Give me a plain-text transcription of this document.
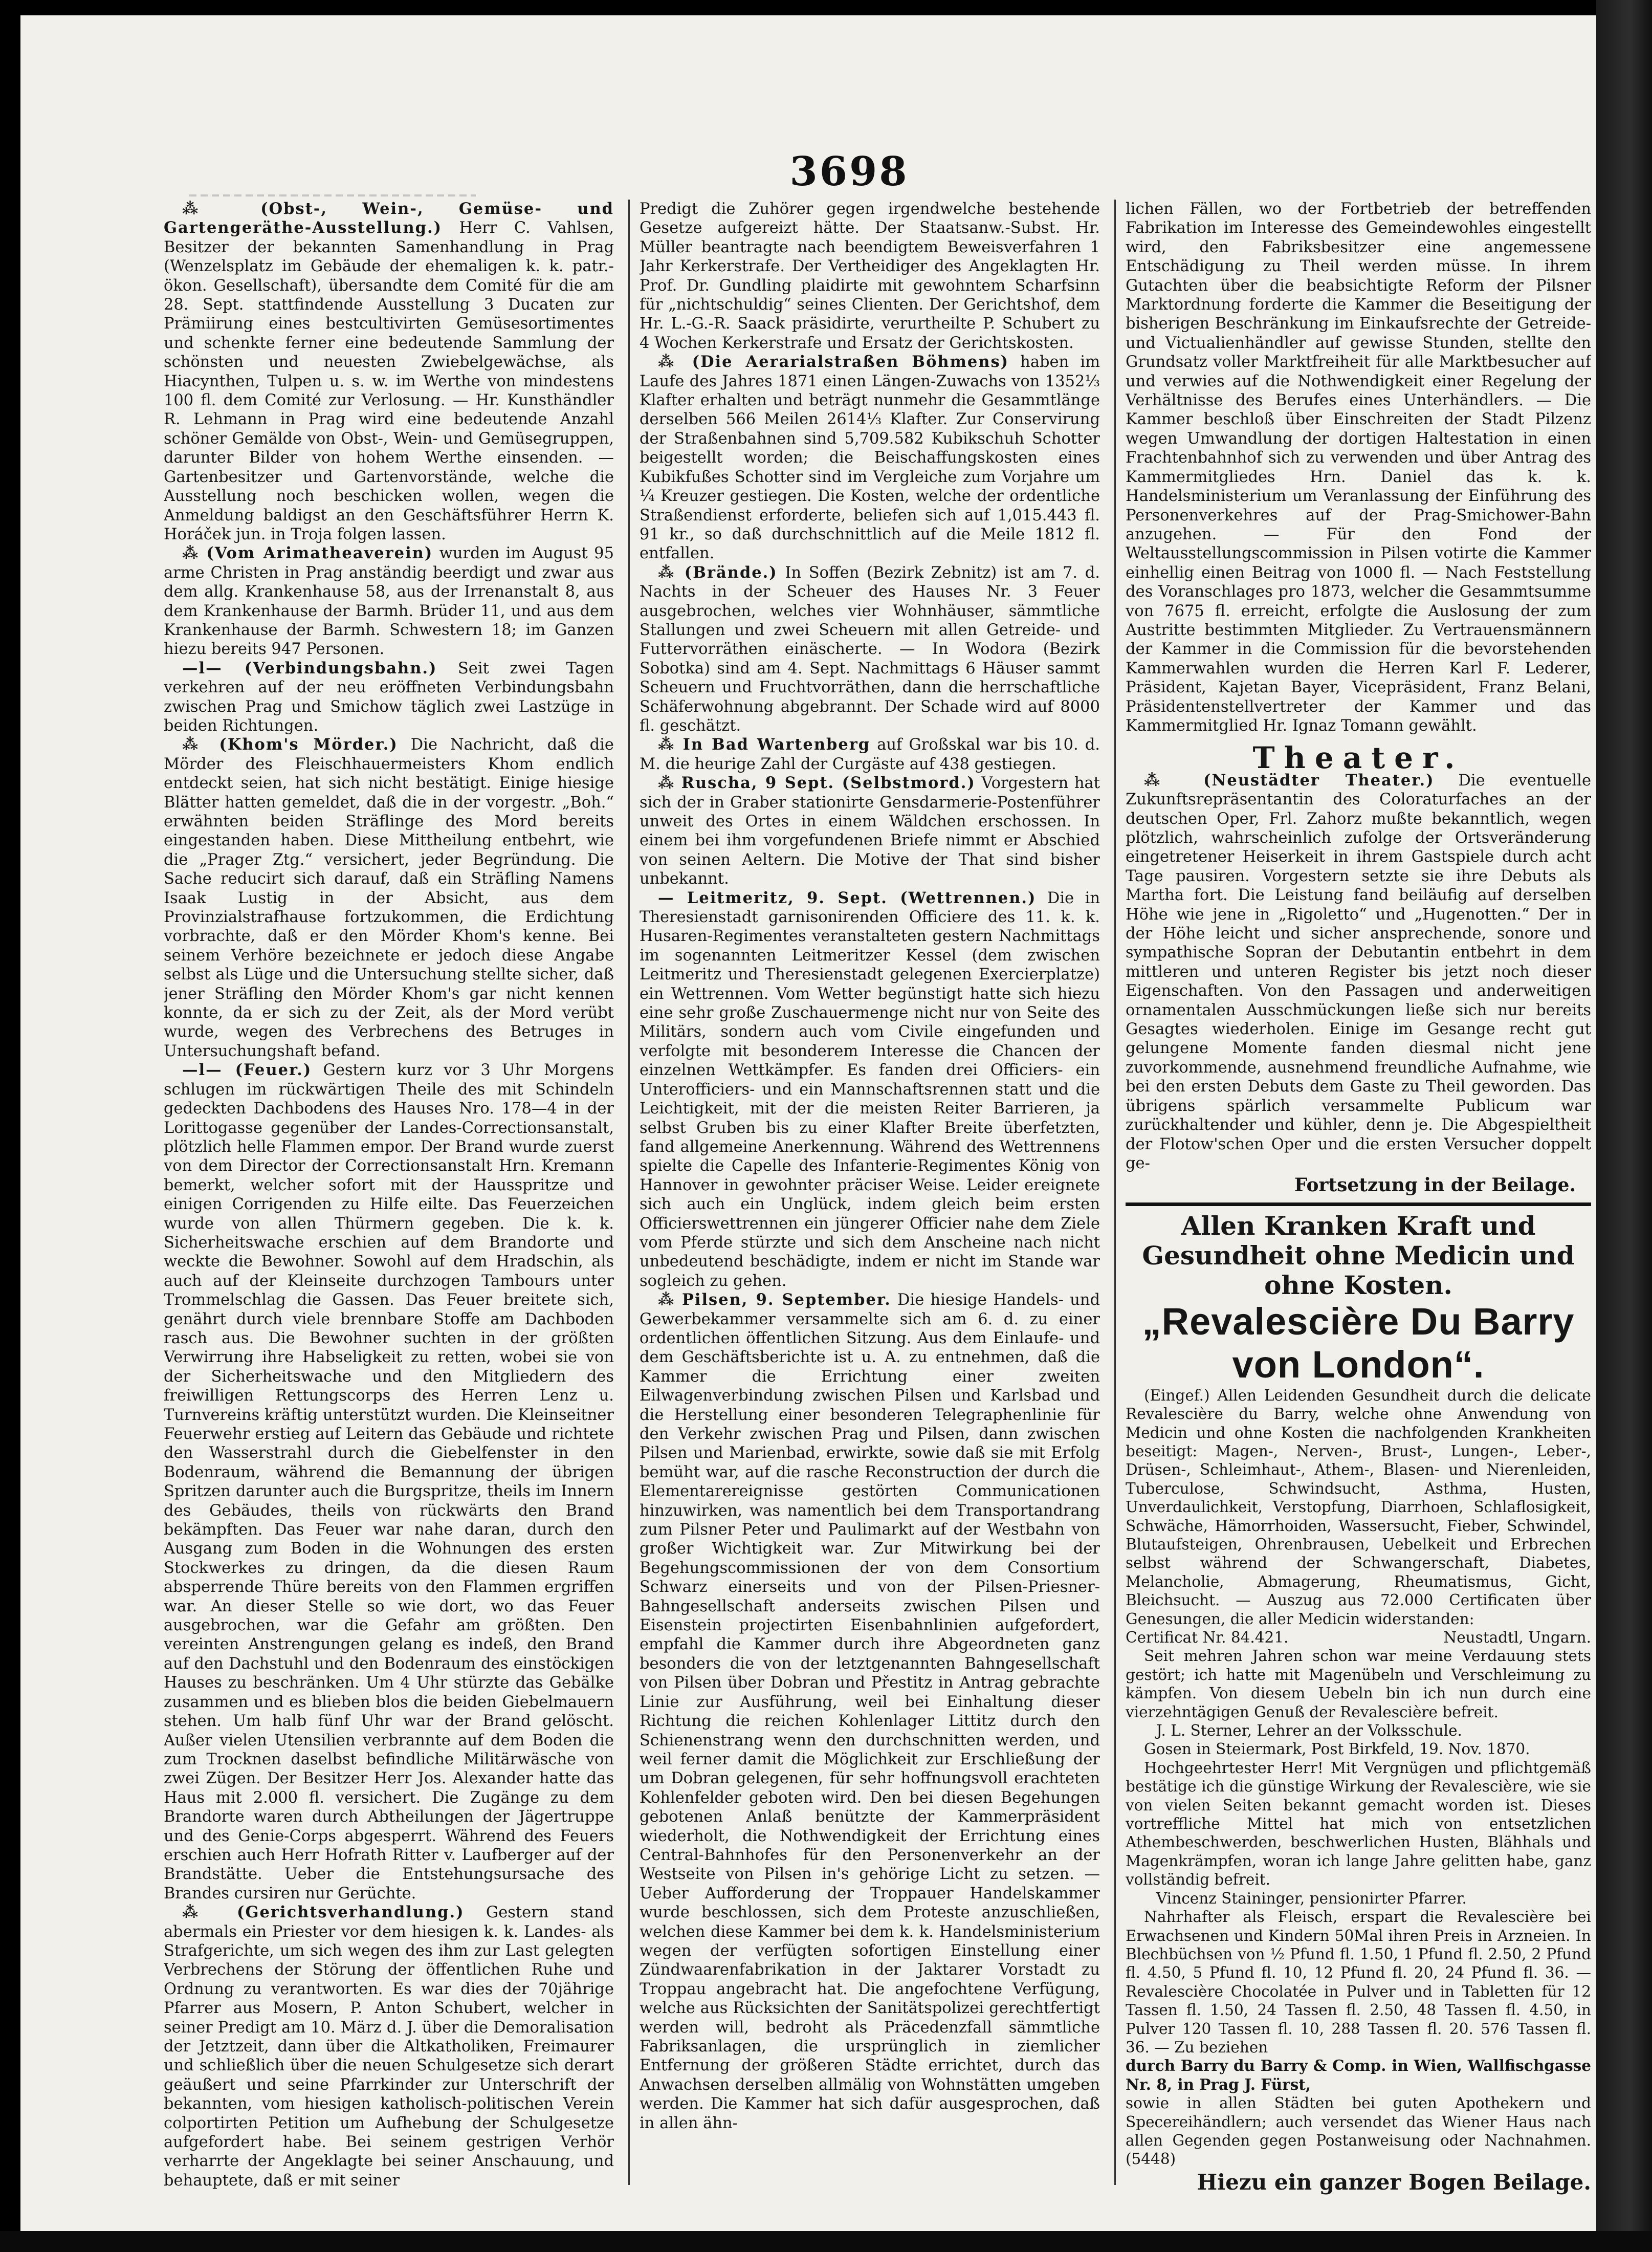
3698

⁂ (Obst-, Wein-, Gemüse- und Gartengeräthe-Ausstellung.) Herr C. Vahlsen, Besitzer der bekannten Samenhandlung in Prag (Wenzelsplatz im Gebäude der ehemaligen k. k. patr.-ökon. Gesellschaft), übersandte dem Comité für die am 28. Sept. stattfindende Ausstellung 3 Ducaten zur Prämiirung eines bestcultivirten Gemüsesortimentes und schenkte ferner eine bedeutende Sammlung der schönsten und neuesten Zwiebelgewächse, als Hiacynthen, Tulpen u. s. w. im Werthe von mindestens 100 fl. dem Comité zur Verlosung. — Hr. Kunsthändler R. Lehmann in Prag wird eine bedeutende Anzahl schöner Gemälde von Obst-, Wein- und Gemüsegruppen, darunter Bilder von hohem Werthe einsenden. — Gartenbesitzer und Gartenvorstände, welche die Ausstellung noch beschicken wollen, wegen die Anmeldung baldigst an den Geschäftsführer Herrn K. Horáček jun. in Troja folgen lassen.

⁂ (Vom Arimatheaverein) wurden im August 95 arme Christen in Prag anständig beerdigt und zwar aus dem allg. Krankenhause 58, aus der Irrenanstalt 8, aus dem Krankenhause der Barmh. Brüder 11, und aus dem Krankenhause der Barmh. Schwestern 18; im Ganzen hiezu bereits 947 Personen.

—l— (Verbindungsbahn.) Seit zwei Tagen verkehren auf der neu eröffneten Verbindungsbahn zwischen Prag und Smichow täglich zwei Lastzüge in beiden Richtungen.

⁂ (Khom's Mörder.) Die Nachricht, daß die Mörder des Fleischhauermeisters Khom endlich entdeckt seien, hat sich nicht bestätigt. Einige hiesige Blätter hatten gemeldet, daß die in der vorgestr. „Boh.“ erwähnten beiden Sträflinge des Mord bereits eingestanden haben. Diese Mittheilung entbehrt, wie die „Prager Ztg.“ versichert, jeder Begründung. Die Sache reducirt sich darauf, daß ein Sträfling Namens Isaak Lustig in der Absicht, aus dem Provinzialstrafhause fortzukommen, die Erdichtung vorbrachte, daß er den Mörder Khom's kenne. Bei seinem Verhöre bezeichnete er jedoch diese Angabe selbst als Lüge und die Untersuchung stellte sicher, daß jener Sträfling den Mörder Khom's gar nicht kennen konnte, da er sich zu der Zeit, als der Mord verübt wurde, wegen des Verbrechens des Betruges in Untersuchungshaft befand.

—l— (Feuer.) Gestern kurz vor 3 Uhr Morgens schlugen im rückwärtigen Theile des mit Schindeln gedeckten Dachbodens des Hauses Nro. 178—4 in der Lorittogasse gegenüber der Landes-Correctionsanstalt, plötzlich helle Flammen empor. Der Brand wurde zuerst von dem Director der Correctionsanstalt Hrn. Kremann bemerkt, welcher sofort mit der Hausspritze und einigen Corrigenden zu Hilfe eilte. Das Feuerzeichen wurde von allen Thürmern gegeben. Die k. k. Sicherheitswache erschien auf dem Brandorte und weckte die Bewohner. Sowohl auf dem Hradschin, als auch auf der Kleinseite durchzogen Tambours unter Trommelschlag die Gassen. Das Feuer breitete sich, genährt durch viele brennbare Stoffe am Dachboden rasch aus. Die Bewohner suchten in der größten Verwirrung ihre Habseligkeit zu retten, wobei sie von der Sicherheitswache und den Mitgliedern des freiwilligen Rettungscorps des Herren Lenz u. Turnvereins kräftig unterstützt wurden. Die Kleinseitner Feuerwehr erstieg auf Leitern das Gebäude und richtete den Wasserstrahl durch die Giebelfenster in den Bodenraum, während die Bemannung der übrigen Spritzen darunter auch die Burgspritze, theils im Innern des Gebäudes, theils von rückwärts den Brand bekämpften. Das Feuer war nahe daran, durch den Ausgang zum Boden in die Wohnungen des ersten Stockwerkes zu dringen, da die diesen Raum absperrende Thüre bereits von den Flammen ergriffen war. An dieser Stelle so wie dort, wo das Feuer ausgebrochen, war die Gefahr am größten. Den vereinten Anstrengungen gelang es indeß, den Brand auf den Dachstuhl und den Bodenraum des einstöckigen Hauses zu beschränken. Um 4 Uhr stürzte das Gebälke zusammen und es blieben blos die beiden Giebelmauern stehen. Um halb fünf Uhr war der Brand gelöscht. Außer vielen Utensilien verbrannte auf dem Boden die zum Trocknen daselbst befindliche Militärwäsche von zwei Zügen. Der Besitzer Herr Jos. Alexander hatte das Haus mit 2.000 fl. versichert. Die Zugänge zu dem Brandorte waren durch Abtheilungen der Jägertruppe und des Genie-Corps abgesperrt. Während des Feuers erschien auch Herr Hofrath Ritter v. Laufberger auf der Brandstätte. Ueber die Entstehungsursache des Brandes cursiren nur Gerüchte.

⁂ (Gerichtsverhandlung.) Gestern stand abermals ein Priester vor dem hiesigen k. k. Landes- als Strafgerichte, um sich wegen des ihm zur Last gelegten Verbrechens der Störung der öffentlichen Ruhe und Ordnung zu verantworten. Es war dies der 70jährige Pfarrer aus Mosern, P. Anton Schubert, welcher in seiner Predigt am 10. März d. J. über die Demoralisation der Jetztzeit, dann über die Altkatholiken, Freimaurer und schließlich über die neuen Schulgesetze sich derart geäußert und seine Pfarrkinder zur Unterschrift der bekannten, vom hiesigen katholisch-politischen Verein colportirten Petition um Aufhebung der Schulgesetze aufgefordert habe. Bei seinem gestrigen Verhör verharrte der Angeklagte bei seiner Anschauung, und behauptete, daß er mit seiner

Predigt die Zuhörer gegen irgendwelche bestehende Gesetze aufgereizt hätte. Der Staatsanw.-Subst. Hr. Müller beantragte nach beendigtem Beweisverfahren 1 Jahr Kerkerstrafe. Der Vertheidiger des Angeklagten Hr. Prof. Dr. Gundling plaidirte mit gewohntem Scharfsinn für „nichtschuldig“ seines Clienten. Der Gerichtshof, dem Hr. L.-G.-R. Saack präsidirte, verurtheilte P. Schubert zu 4 Wochen Kerkerstrafe und Ersatz der Gerichtskosten.

⁂ (Die Aerarialstraßen Böhmens) haben im Laufe des Jahres 1871 einen Längen-Zuwachs von 1352⅓ Klafter erhalten und beträgt nunmehr die Gesammtlänge derselben 566 Meilen 2614⅓ Klafter. Zur Conservirung der Straßenbahnen sind 5,709.582 Kubikschuh Schotter beigestellt worden; die Beischaffungskosten eines Kubikfußes Schotter sind im Vergleiche zum Vorjahre um ¼ Kreuzer gestiegen. Die Kosten, welche der ordentliche Straßendienst erforderte, beliefen sich auf 1,015.443 fl. 91 kr., so daß durchschnittlich auf die Meile 1812 fl. entfallen.

⁂ (Brände.) In Soffen (Bezirk Zebnitz) ist am 7. d. Nachts in der Scheuer des Hauses Nr. 3 Feuer ausgebrochen, welches vier Wohnhäuser, sämmtliche Stallungen und zwei Scheuern mit allen Getreide- und Futtervorräthen einäscherte. — In Wodora (Bezirk Sobotka) sind am 4. Sept. Nachmittags 6 Häuser sammt Scheuern und Fruchtvorräthen, dann die herrschaftliche Schäferwohnung abgebrannt. Der Schade wird auf 8000 fl. geschätzt.

⁂ In Bad Wartenberg auf Großskal war bis 10. d. M. die heurige Zahl der Curgäste auf 438 gestiegen.

⁂ Ruscha, 9 Sept. (Selbstmord.) Vorgestern hat sich der in Graber stationirte Gensdarmerie-Postenführer unweit des Ortes in einem Wäldchen erschossen. In einem bei ihm vorgefundenen Briefe nimmt er Abschied von seinen Aeltern. Die Motive der That sind bisher unbekannt.

— Leitmeritz, 9. Sept. (Wettrennen.) Die in Theresienstadt garnisonirenden Officiere des 11. k. k. Husaren-Regimentes veranstalteten gestern Nachmittags im sogenannten Leitmeritzer Kessel (dem zwischen Leitmeritz und Theresienstadt gelegenen Exercierplatze) ein Wettrennen. Vom Wetter begünstigt hatte sich hiezu eine sehr große Zuschauermenge nicht nur von Seite des Militärs, sondern auch vom Civile eingefunden und verfolgte mit besonderem Interesse die Chancen der einzelnen Wettkämpfer. Es fanden drei Officiers- ein Unterofficiers- und ein Mannschaftsrennen statt und die Leichtigkeit, mit der die meisten Reiter Barrieren, ja selbst Gruben bis zu einer Klafter Breite überfetzten, fand allgemeine Anerkennung. Während des Wettrennens spielte die Capelle des Infanterie-Regimentes König von Hannover in gewohnter präciser Weise. Leider ereignete sich auch ein Unglück, indem gleich beim ersten Officierswettrennen ein jüngerer Officier nahe dem Ziele vom Pferde stürzte und sich dem Anscheine nach nicht unbedeutend beschädigte, indem er nicht im Stande war sogleich zu gehen.

⁂ Pilsen, 9. September. Die hiesige Handels- und Gewerbekammer versammelte sich am 6. d. zu einer ordentlichen öffentlichen Sitzung. Aus dem Einlaufe- und dem Geschäftsberichte ist u. A. zu entnehmen, daß die Kammer die Errichtung einer zweiten Eilwagenverbindung zwischen Pilsen und Karlsbad und die Herstellung einer besonderen Telegraphenlinie für den Verkehr zwischen Prag und Pilsen, dann zwischen Pilsen und Marienbad, erwirkte, sowie daß sie mit Erfolg bemüht war, auf die rasche Reconstruction der durch die Elementarereignisse gestörten Communicationen hinzuwirken, was namentlich bei dem Transportandrang zum Pilsner Peter und Paulimarkt auf der Westbahn von großer Wichtigkeit war. Zur Mitwirkung bei der Begehungscommissionen der von dem Consortium Schwarz einerseits und von der Pilsen-Priesner-Bahngesellschaft anderseits zwischen Pilsen und Eisenstein projectirten Eisenbahnlinien aufgefordert, empfahl die Kammer durch ihre Abgeordneten ganz besonders die von der letztgenannten Bahngesellschaft von Pilsen über Dobran und Přestitz in Antrag gebrachte Linie zur Ausführung, weil bei Einhaltung dieser Richtung die reichen Kohlenlager Littitz durch den Schienenstrang wenn den durchschnitten werden, und weil ferner damit die Möglichkeit zur Erschließung der um Dobran gelegenen, für sehr hoffnungsvoll erachteten Kohlenfelder geboten wird. Den bei diesen Begehungen gebotenen Anlaß benützte der Kammerpräsident wiederholt, die Nothwendigkeit der Errichtung eines Central-Bahnhofes für den Personenverkehr an der Westseite von Pilsen in's gehörige Licht zu setzen. — Ueber Aufforderung der Troppauer Handelskammer wurde beschlossen, sich dem Proteste anzuschließen, welchen diese Kammer bei dem k. k. Handelsministerium wegen der verfügten sofortigen Einstellung einer Zündwaarenfabrikation in der Jaktarer Vorstadt zu Troppau angebracht hat. Die angefochtene Verfügung, welche aus Rücksichten der Sanitätspolizei gerechtfertigt werden will, bedroht als Präcedenzfall sämmtliche Fabriksanlagen, die ursprünglich in ziemlicher Entfernung der größeren Städte errichtet, durch das Anwachsen derselben allmälig von Wohnstätten umgeben werden. Die Kammer hat sich dafür ausgesprochen, daß in allen ähn-

lichen Fällen, wo der Fortbetrieb der betreffenden Fabrikation im Interesse des Gemeindewohles eingestellt wird, den Fabriksbesitzer eine angemessene Entschädigung zu Theil werden müsse. In ihrem Gutachten über die beabsichtigte Reform der Pilsner Marktordnung forderte die Kammer die Beseitigung der bisherigen Beschränkung im Einkaufsrechte der Getreide- und Victualienhändler auf gewisse Stunden, stellte den Grundsatz voller Marktfreiheit für alle Marktbesucher auf und verwies auf die Nothwendigkeit einer Regelung der Verhältnisse des Berufes eines Unterhändlers. — Die Kammer beschloß über Einschreiten der Stadt Pilzenz wegen Umwandlung der dortigen Haltestation in einen Frachtenbahnhof sich zu verwenden und über Antrag des Kammermitgliedes Hrn. Daniel das k. k. Handelsministerium um Veranlassung der Einführung des Personenverkehres auf der Prag-Smichower-Bahn anzugehen. — Für den Fond der Weltausstellungscommission in Pilsen votirte die Kammer einhellig einen Beitrag von 1000 fl. — Nach Feststellung des Voranschlages pro 1873, welcher die Gesammtsumme von 7675 fl. erreicht, erfolgte die Auslosung der zum Austritte bestimmten Mitglieder. Zu Vertrauensmännern der Kammer in die Commission für die bevorstehenden Kammerwahlen wurden die Herren Karl F. Lederer, Präsident, Kajetan Bayer, Vicepräsident, Franz Belani, Präsidentenstellvertreter der Kammer und das Kammermitglied Hr. Ignaz Tomann gewählt.

Theater.

⁂ (Neustädter Theater.) Die eventuelle Zukunftsrepräsentantin des Coloraturfaches an der deutschen Oper, Frl. Zahorz mußte bekanntlich, wegen plötzlich, wahrscheinlich zufolge der Ortsveränderung eingetretener Heiserkeit in ihrem Gastspiele durch acht Tage pausiren. Vorgestern setzte sie ihre Debuts als Martha fort. Die Leistung fand beiläufig auf derselben Höhe wie jene in „Rigoletto“ und „Hugenotten.“ Der in der Höhe leicht und sicher ansprechende, sonore und sympathische Sopran der Debutantin entbehrt in dem mittleren und unteren Register bis jetzt noch dieser Eigenschaften. Von den Passagen und anderweitigen ornamentalen Ausschmückungen ließe sich nur bereits Gesagtes wiederholen. Einige im Gesange recht gut gelungene Momente fanden diesmal nicht jene zuvorkommende, ausnehmend freundliche Aufnahme, wie bei den ersten Debuts dem Gaste zu Theil geworden. Das übrigens spärlich versammelte Publicum war zurückhaltender und kühler, denn je. Die Abgespieltheit der Flotow'schen Oper und die ersten Versucher doppelt ge-

Fortsetzung in der Beilage.
Allen Kranken Kraft und Gesundheit ohne Medicin und ohne Kosten.
„Revalescière Du Barry von London“.

(Eingef.) Allen Leidenden Gesundheit durch die delicate Revalescière du Barry, welche ohne Anwendung von Medicin und ohne Kosten die nachfolgenden Krankheiten beseitigt: Magen-, Nerven-, Brust-, Lungen-, Leber-, Drüsen-, Schleimhaut-, Athem-, Blasen- und Nierenleiden, Tuberculose, Schwindsucht, Asthma, Husten, Unverdaulichkeit, Verstopfung, Diarrhoen, Schlaflosigkeit, Schwäche, Hämorrhoiden, Wassersucht, Fieber, Schwindel, Blutaufsteigen, Ohrenbrausen, Uebelkeit und Erbrechen selbst während der Schwangerschaft, Diabetes, Melancholie, Abmagerung, Rheumatismus, Gicht, Bleichsucht. — Auszug aus 72.000 Certificaten über Genesungen, die aller Medicin widerstanden:

Certificat Nr. 84.421.	Neustadtl, Ungarn.

Seit mehren Jahren schon war meine Verdauung stets gestört; ich hatte mit Magenübeln und Verschleimung zu kämpfen. Von diesem Uebeln bin ich nun durch eine vierzehntägigen Genuß der Revalescière befreit.

J. L. Sterner, Lehrer an der Volksschule.

Gosen in Steiermark, Post Birkfeld, 19. Nov. 1870.

Hochgeehrtester Herr! Mit Vergnügen und pflichtgemäß bestätige ich die günstige Wirkung der Revalescière, wie sie von vielen Seiten bekannt gemacht worden ist. Dieses vortreffliche Mittel hat mich von entsetzlichen Athembeschwerden, beschwerlichen Husten, Blähhals und Magenkrämpfen, woran ich lange Jahre gelitten habe, ganz vollständig befreit.

Vincenz Staininger, pensionirter Pfarrer.

Nahrhafter als Fleisch, erspart die Revalescière bei Erwachsenen und Kindern 50Mal ihren Preis in Arzneien. In Blechbüchsen von ½ Pfund fl. 1.50, 1 Pfund fl. 2.50, 2 Pfund fl. 4.50, 5 Pfund fl. 10, 12 Pfund fl. 20, 24 Pfund fl. 36. — Revalescière Chocolatée in Pulver und in Tabletten für 12 Tassen fl. 1.50, 24 Tassen fl. 2.50, 48 Tassen fl. 4.50, in Pulver 120 Tassen fl. 10, 288 Tassen fl. 20. 576 Tassen fl. 36. — Zu beziehen

durch Barry du Barry & Comp. in Wien, Wallfischgasse Nr. 8, in Prag J. Fürst,

sowie in allen Städten bei guten Apothekern und Specereihändlern; auch versendet das Wiener Haus nach allen Gegenden gegen Postanweisung oder Nachnahmen. (5448)

Hiezu ein ganzer Bogen Beilage.
